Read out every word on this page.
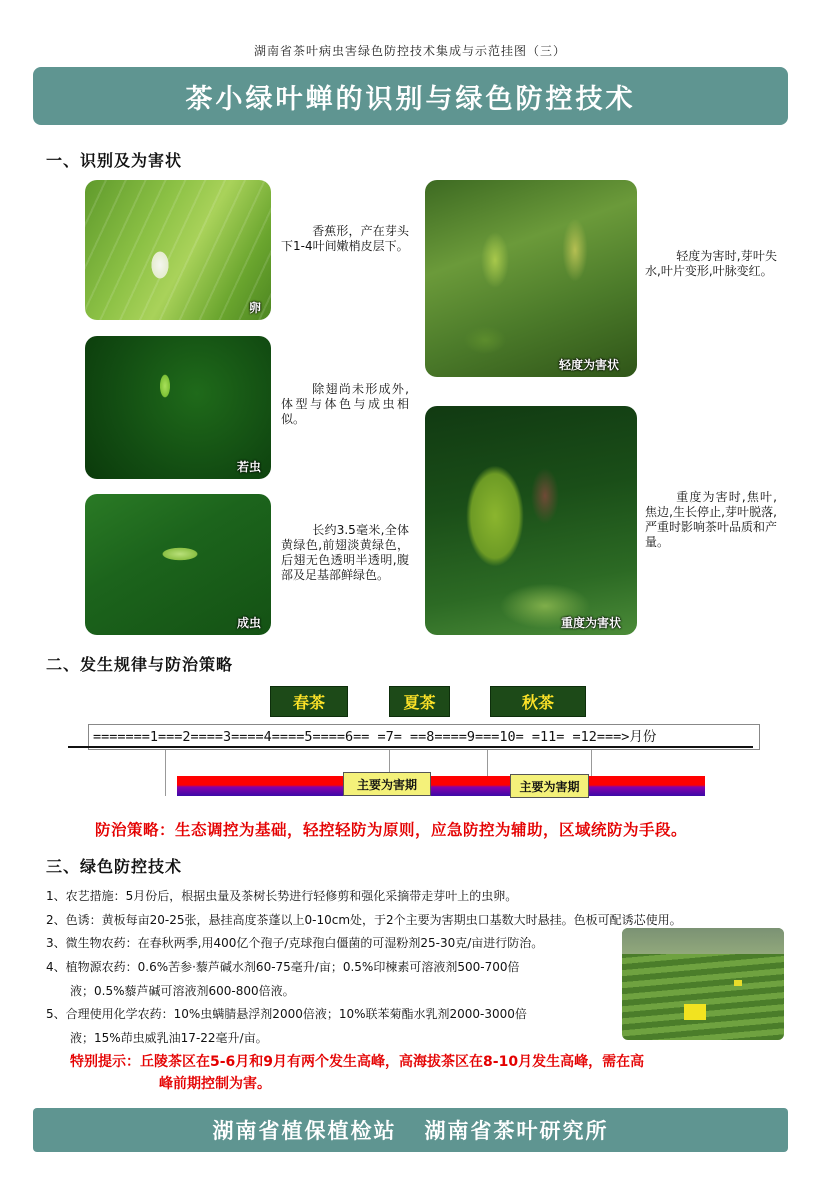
湖南省茶叶病虫害绿色防控技术集成与示范挂图（三）
茶小绿叶蝉的识别与绿色防控技术
一、识别及为害状
卵
香蕉形，产在芽头下1-4叶间嫩梢皮层下。
若虫
除翅尚未形成外,体型与体色与成虫相似。
成虫
长约3.5毫米,全体黄绿色,前翅淡黄绿色，后翅无色透明半透明,腹部及足基部鲜绿色。
轻度为害状
轻度为害时,芽叶失水,叶片变形,叶脉变红。
重度为害状
重度为害时,焦叶,焦边,生长停止,芽叶脱落,严重时影响茶叶品质和产量。
二、发生规律与防治策略
春茶	夏茶	秋茶
=======1===2====3====4====5====6== =7= ==8====9===10= =11= =12===>月份
主要为害期	主要为害期
防治策略：生态调控为基础，轻控轻防为原则，应急防控为辅助，区域统防为手段。
三、绿色防控技术
1、农艺措施：5月份后，根据虫量及茶树长势进行轻修剪和强化采摘带走芽叶上的虫卵。
2、色诱：黄板每亩20-25张，悬挂高度茶蓬以上0-10cm处，于2个主要为害期虫口基数大时悬挂。色板可配诱芯使用。
3、微生物农药：在春秋两季,用400亿个孢子/克球孢白僵菌的可湿粉剂25-30克/亩进行防治。
4、植物源农药：0.6%苦参·藜芦碱水剂60-75毫升/亩；0.5%印楝素可溶液剂500-700倍
液；0.5%藜芦碱可溶液剂600-800倍液。
5、合理使用化学农药：10%虫螨腈悬浮剂2000倍液；10%联苯菊酯水乳剂2000-3000倍
液；15%茚虫威乳油17-22毫升/亩。
特别提示：丘陵茶区在5-6月和9月有两个发生高峰，高海拔茶区在8-10月发生高峰，需在高
峰前期控制为害。
湖南省植保植检站 湖南省茶叶研究所
